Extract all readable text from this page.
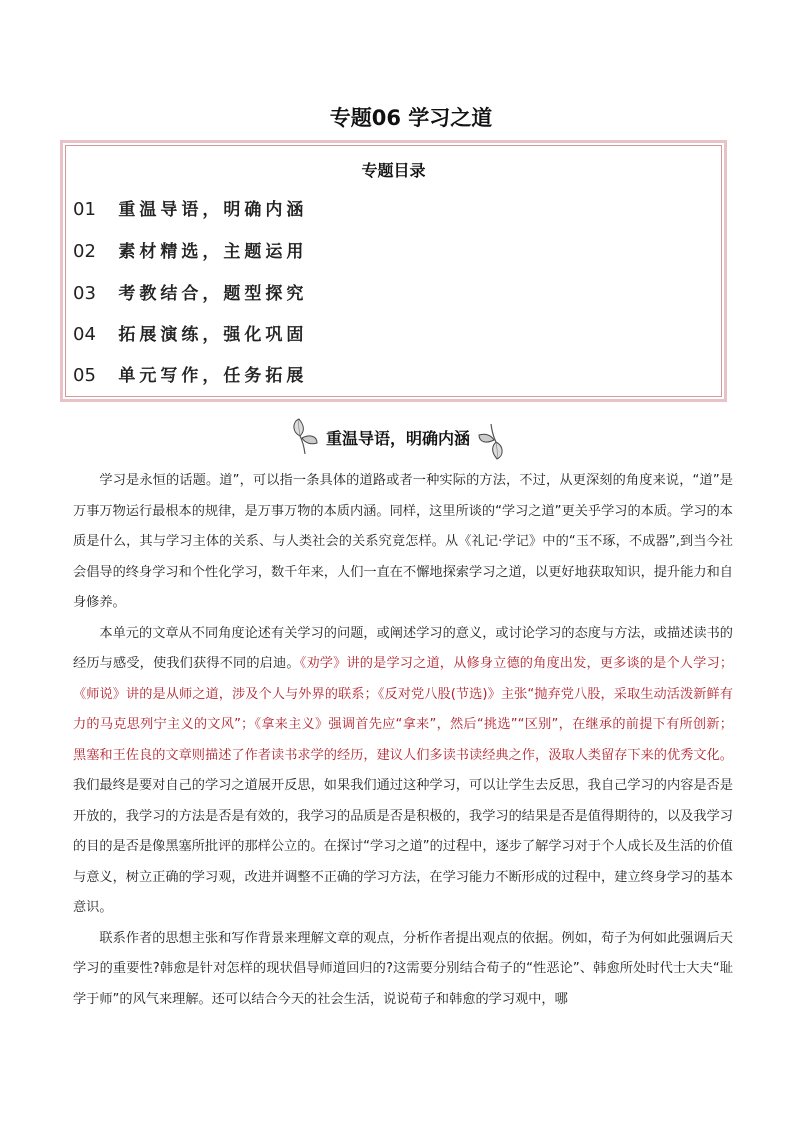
专题06 学习之道
专题目录
01 重温导语，明确内涵
02 素材精选，主题运用
03 考教结合，题型探究
04 拓展演练，强化巩固
05 单元写作，任务拓展
重温导语，明确内涵

学习是永恒的话题。道”，可以指一条具体的道路或者一种实际的方法，不过，从更深刻的角度来说，“道”是万事万物运行最根本的规律，是万事万物的本质内涵。同样，这里所谈的“学习之道”更关乎学习的本质。学习的本质是什么，其与学习主体的关系、与人类社会的关系究竟怎样。从《礼记·学记》中的“玉不琢，不成器”,到当今社会倡导的终身学习和个性化学习，数千年来，人们一直在不懈地探索学习之道，以更好地获取知识，提升能力和自身修养。

本单元的文章从不同角度论述有关学习的问题，或阐述学习的意义，或讨论学习的态度与方法，或描述读书的经历与感受，使我们获得不同的启迪。《劝学》讲的是学习之道，从修身立德的角度出发，更多谈的是个人学习；《师说》讲的是从师之道，涉及个人与外界的联系；《反对党八股(节选)》主张“抛弃党八股，采取生动活泼新鲜有力的马克思列宁主义的文风”；《拿来主义》强调首先应“拿来”，然后“挑选”“区别”，在继承的前提下有所创新；黑塞和王佐良的文章则描述了作者读书求学的经历，建议人们多读书读经典之作，汲取人类留存下来的优秀文化。我们最终是要对自己的学习之道展开反思，如果我们通过这种学习，可以让学生去反思，我自己学习的内容是否是开放的，我学习的方法是否是有效的，我学习的品质是否是积极的，我学习的结果是否是值得期待的，以及我学习的目的是否是像黑塞所批评的那样公立的。在探讨“学习之道”的过程中，逐步了解学习对于个人成长及生活的价值与意义，树立正确的学习观，改进并调整不正确的学习方法，在学习能力不断形成的过程中，建立终身学习的基本意识。

联系作者的思想主张和写作背景来理解文章的观点，分析作者提出观点的依据。例如，荀子为何如此强调后天学习的重要性?韩愈是针对怎样的现状倡导师道回归的?这需要分别结合荀子的“性恶论”、韩愈所处时代士大夫“耻学于师”的风气来理解。还可以结合今天的社会生活，说说荀子和韩愈的学习观中，哪
